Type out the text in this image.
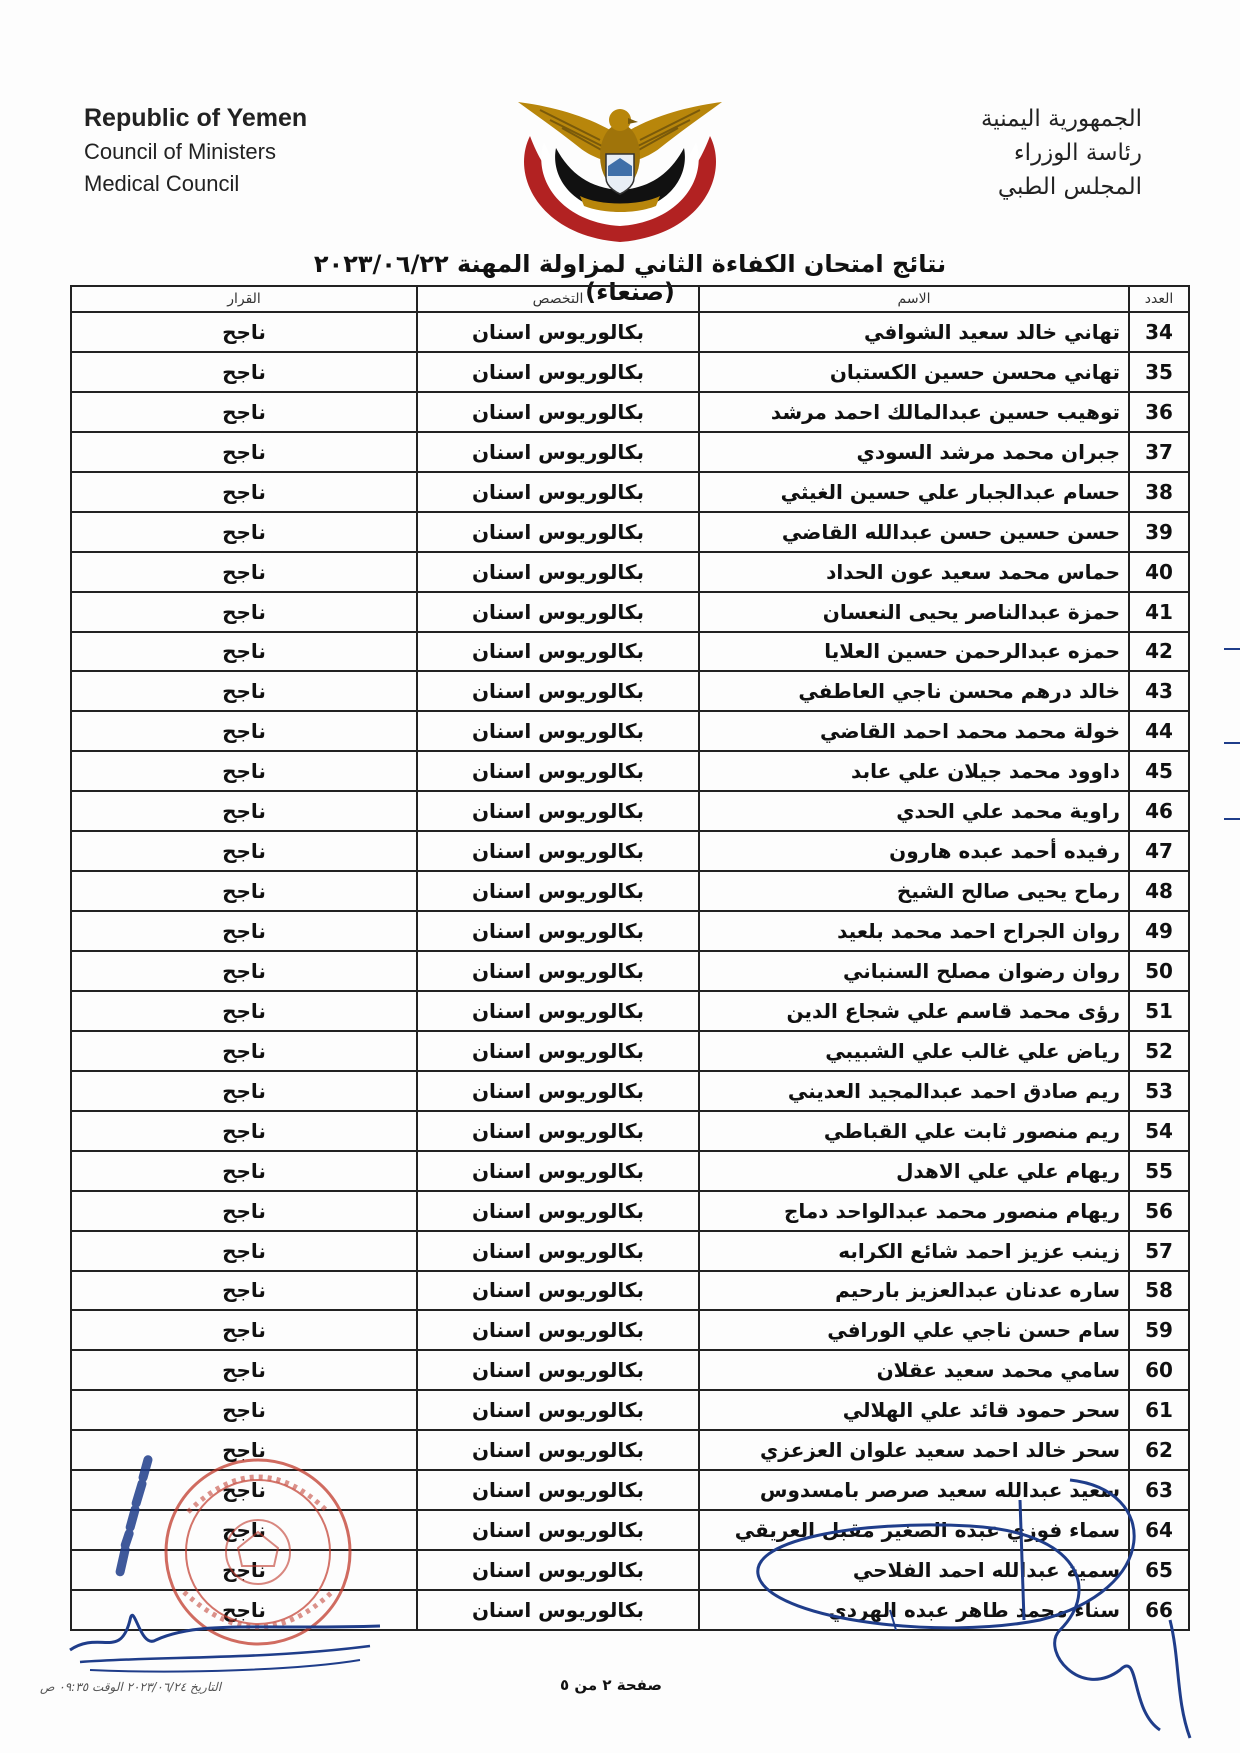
Republic of Yemen
Council of Ministers
Medical Council
الجمهورية اليمنية
رئاسة الوزراء
المجلس الطبي
نتائج امتحان الكفاءة الثاني لمزاولة المهنة ٢٠٢٣/٠٦/٢٢ (صنعاء)	العدد	الاسم	التخصص	القرار
34	تهاني خالد سعيد الشوافي	بكالوريوس اسنان	ناجح
35	تهاني محسن حسين الكستبان	بكالوريوس اسنان	ناجح
36	توهيب حسين عبدالمالك احمد مرشد	بكالوريوس اسنان	ناجح
37	جبران محمد مرشد السودي	بكالوريوس اسنان	ناجح
38	حسام عبدالجبار علي حسين الغيثي	بكالوريوس اسنان	ناجح
39	حسن حسين حسن عبدالله القاضي	بكالوريوس اسنان	ناجح
40	حماس محمد سعيد عون الحداد	بكالوريوس اسنان	ناجح
41	حمزة عبدالناصر يحيى النعسان	بكالوريوس اسنان	ناجح
42	حمزه عبدالرحمن حسين العلايا	بكالوريوس اسنان	ناجح
43	خالد درهم محسن ناجي العاطفي	بكالوريوس اسنان	ناجح
44	خولة محمد محمد احمد القاضي	بكالوريوس اسنان	ناجح
45	داوود محمد جيلان علي عابد	بكالوريوس اسنان	ناجح
46	راوية محمد علي الحدي	بكالوريوس اسنان	ناجح
47	رفيده أحمد عبده هارون	بكالوريوس اسنان	ناجح
48	رماح يحيى صالح الشيخ	بكالوريوس اسنان	ناجح
49	روان الجراح احمد محمد بلعيد	بكالوريوس اسنان	ناجح
50	روان رضوان مصلح السنباني	بكالوريوس اسنان	ناجح
51	رؤى محمد قاسم علي شجاع الدين	بكالوريوس اسنان	ناجح
52	رياض علي غالب علي الشبيبي	بكالوريوس اسنان	ناجح
53	ريم صادق احمد عبدالمجيد العديني	بكالوريوس اسنان	ناجح
54	ريم منصور ثابت علي القباطي	بكالوريوس اسنان	ناجح
55	ريهام علي علي الاهدل	بكالوريوس اسنان	ناجح
56	ريهام منصور محمد عبدالواحد دماج	بكالوريوس اسنان	ناجح
57	زينب عزيز احمد شائع الكرابه	بكالوريوس اسنان	ناجح
58	ساره عدنان عبدالعزيز بارحيم	بكالوريوس اسنان	ناجح
59	سام حسن ناجي علي الورافي	بكالوريوس اسنان	ناجح
60	سامي محمد سعيد عقلان	بكالوريوس اسنان	ناجح
61	سحر حمود قائد علي الهلالي	بكالوريوس اسنان	ناجح
62	سحر خالد احمد سعيد علوان العزعزي	بكالوريوس اسنان	ناجح
63	سعيد عبدالله سعيد صرصر بامسدوس	بكالوريوس اسنان	ناجح
64	سماء فوزي عبده الصغير مقبل العريقي	بكالوريوس اسنان	ناجح
65	سمية عبدالله احمد الفلاحي	بكالوريوس اسنان	ناجح
66	سناء محمد طاهر عبده الهردي	بكالوريوس اسنان	ناجح
صفحة ٢ من ٥
التاريخ ٢٠٢٣/٠٦/٢٤ الوقت ٠٩:٣٥ ص
